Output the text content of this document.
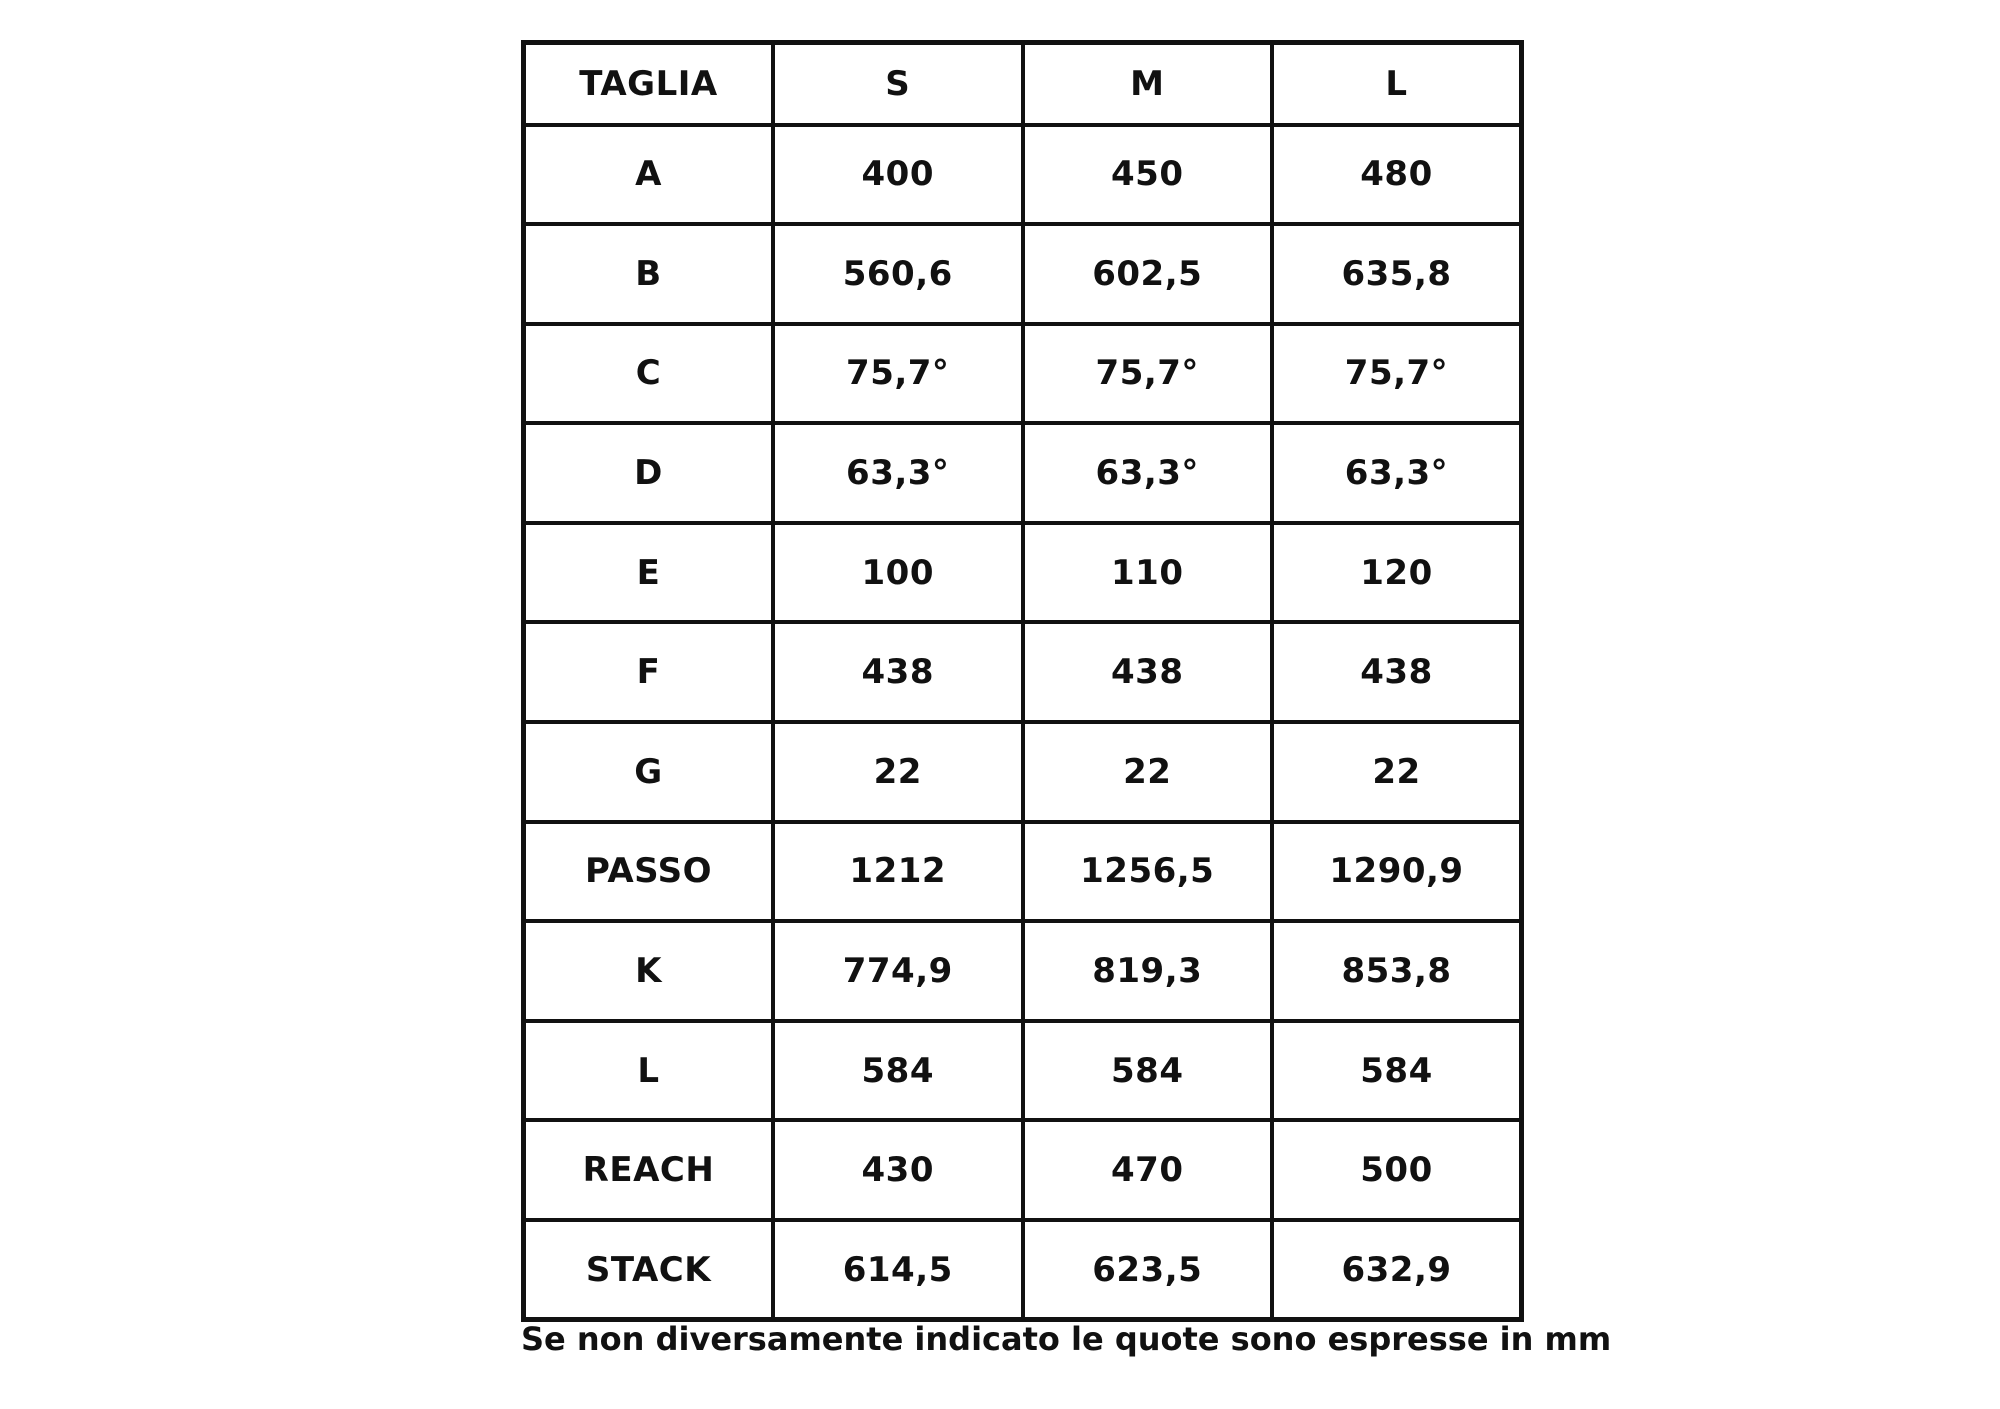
TAGLIA	S	M	L
A	400	450	480
B	560,6	602,5	635,8
C	75,7°	75,7°	75,7°
D	63,3°	63,3°	63,3°
E	100	110	120
F	438	438	438
G	22	22	22
PASSO	1212	1256,5	1290,9
K	774,9	819,3	853,8
L	584	584	584
REACH	430	470	500
STACK	614,5	623,5	632,9
Se non diversamente indicato le quote sono espresse in mm
